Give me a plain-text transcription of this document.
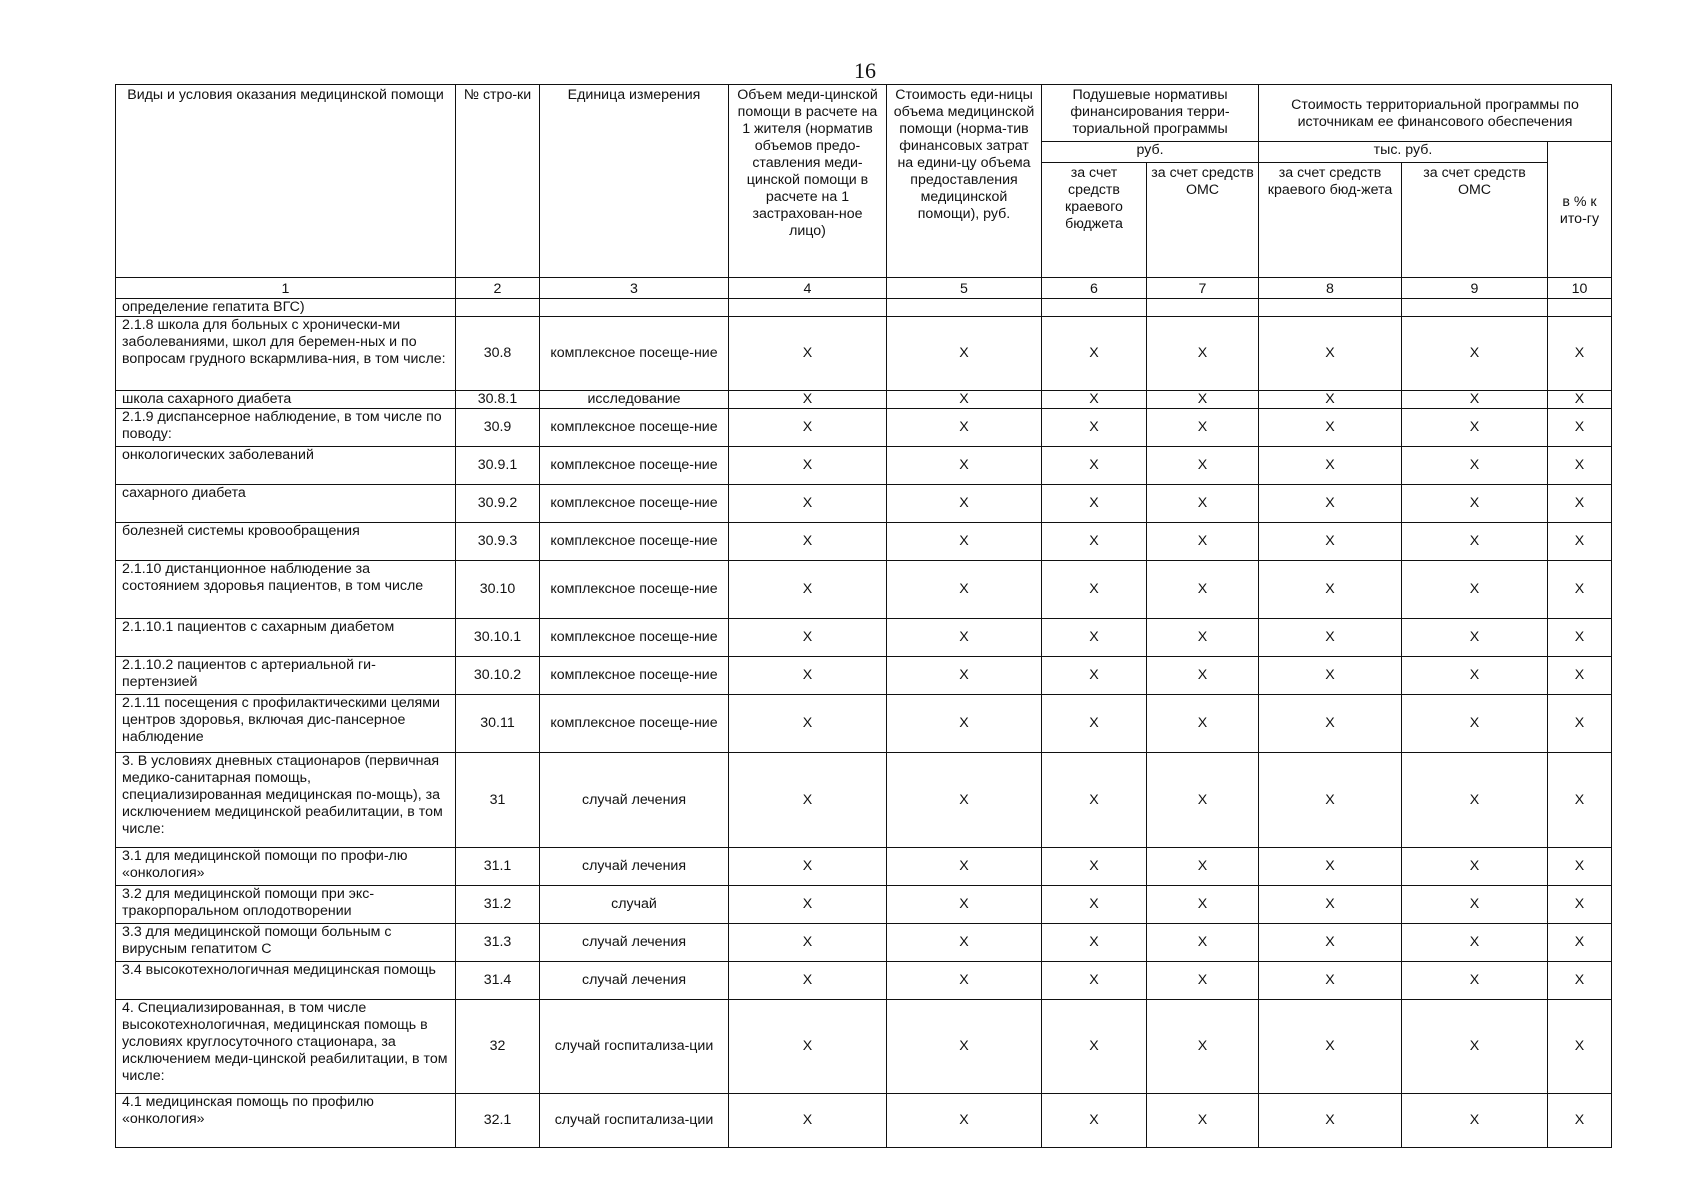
16
Виды и условия оказания медицинской помощи	№ стро-ки	Единица измерения	Объем меди-цинской помощи в расчете на 1 жителя (норматив объемов предо-ставления меди-цинской помощи в расчете на 1 застрахован-ное лицо)	Стоимость еди-ницы объема медицинской помощи (норма-тив финансовых затрат на едини-цу объема предоставления медицинской помощи), руб.	Подушевые нормативы финансирования терри-ториальной программы		Стоимость территориальной программы по источникам ее финансового обеспечения		
					руб.		тыс. руб.		в % к ито-гу
					за счет средств краевого бюджета	за счет средств ОМС	за счет средств краевого бюд-жета	за счет средств ОМС	
1	2	3	4	5	6	7	8	9	10
определение гепатита ВГС)									
2.1.8 школа для больных с хронически-ми заболеваниями, школ для беремен-ных и по вопросам грудного вскармлива-ния, в том числе:	30.8	комплексное посеще-ние	X	X	X	X	X	X	X
школа сахарного диабета	30.8.1	исследование	X	X	X	X	X	X	X
2.1.9 диспансерное наблюдение, в том числе по поводу:	30.9	комплексное посеще-ние	X	X	X	X	X	X	X
онкологических заболеваний	30.9.1	комплексное посеще-ние	X	X	X	X	X	X	X
сахарного диабета	30.9.2	комплексное посеще-ние	X	X	X	X	X	X	X
болезней системы кровообращения	30.9.3	комплексное посеще-ние	X	X	X	X	X	X	X
2.1.10 дистанционное наблюдение за состоянием здоровья пациентов, в том числе	30.10	комплексное посеще-ние	X	X	X	X	X	X	X
2.1.10.1 пациентов с сахарным диабетом	30.10.1	комплексное посеще-ние	X	X	X	X	X	X	X
2.1.10.2 пациентов с артериальной ги-пертензией	30.10.2	комплексное посеще-ние	X	X	X	X	X	X	X
2.1.11 посещения с профилактическими целями центров здоровья, включая дис-пансерное наблюдение	30.11	комплексное посеще-ние	X	X	X	X	X	X	X
3. В условиях дневных стационаров (первичная медико-санитарная помощь, специализированная медицинская по-мощь), за исключением медицинской реабилитации, в том числе:	31	случай лечения	X	X	X	X	X	X	X
3.1 для медицинской помощи по профи-лю «онкология»	31.1	случай лечения	X	X	X	X	X	X	X
3.2 для медицинской помощи при экс-тракорпоральном оплодотворении	31.2	случай	X	X	X	X	X	X	X
3.3 для медицинской помощи больным с вирусным гепатитом С	31.3	случай лечения	X	X	X	X	X	X	X
3.4 высокотехнологичная медицинская помощь	31.4	случай лечения	X	X	X	X	X	X	X
4. Специализированная, в том числе высокотехнологичная, медицинская помощь в условиях круглосуточного стационара, за исключением меди-цинской реабилитации, в том числе:	32	случай госпитализа-ции	X	X	X	X	X	X	X
4.1 медицинская помощь по профилю «онкология»	32.1	случай госпитализа-ции	X	X	X	X	X	X	X
